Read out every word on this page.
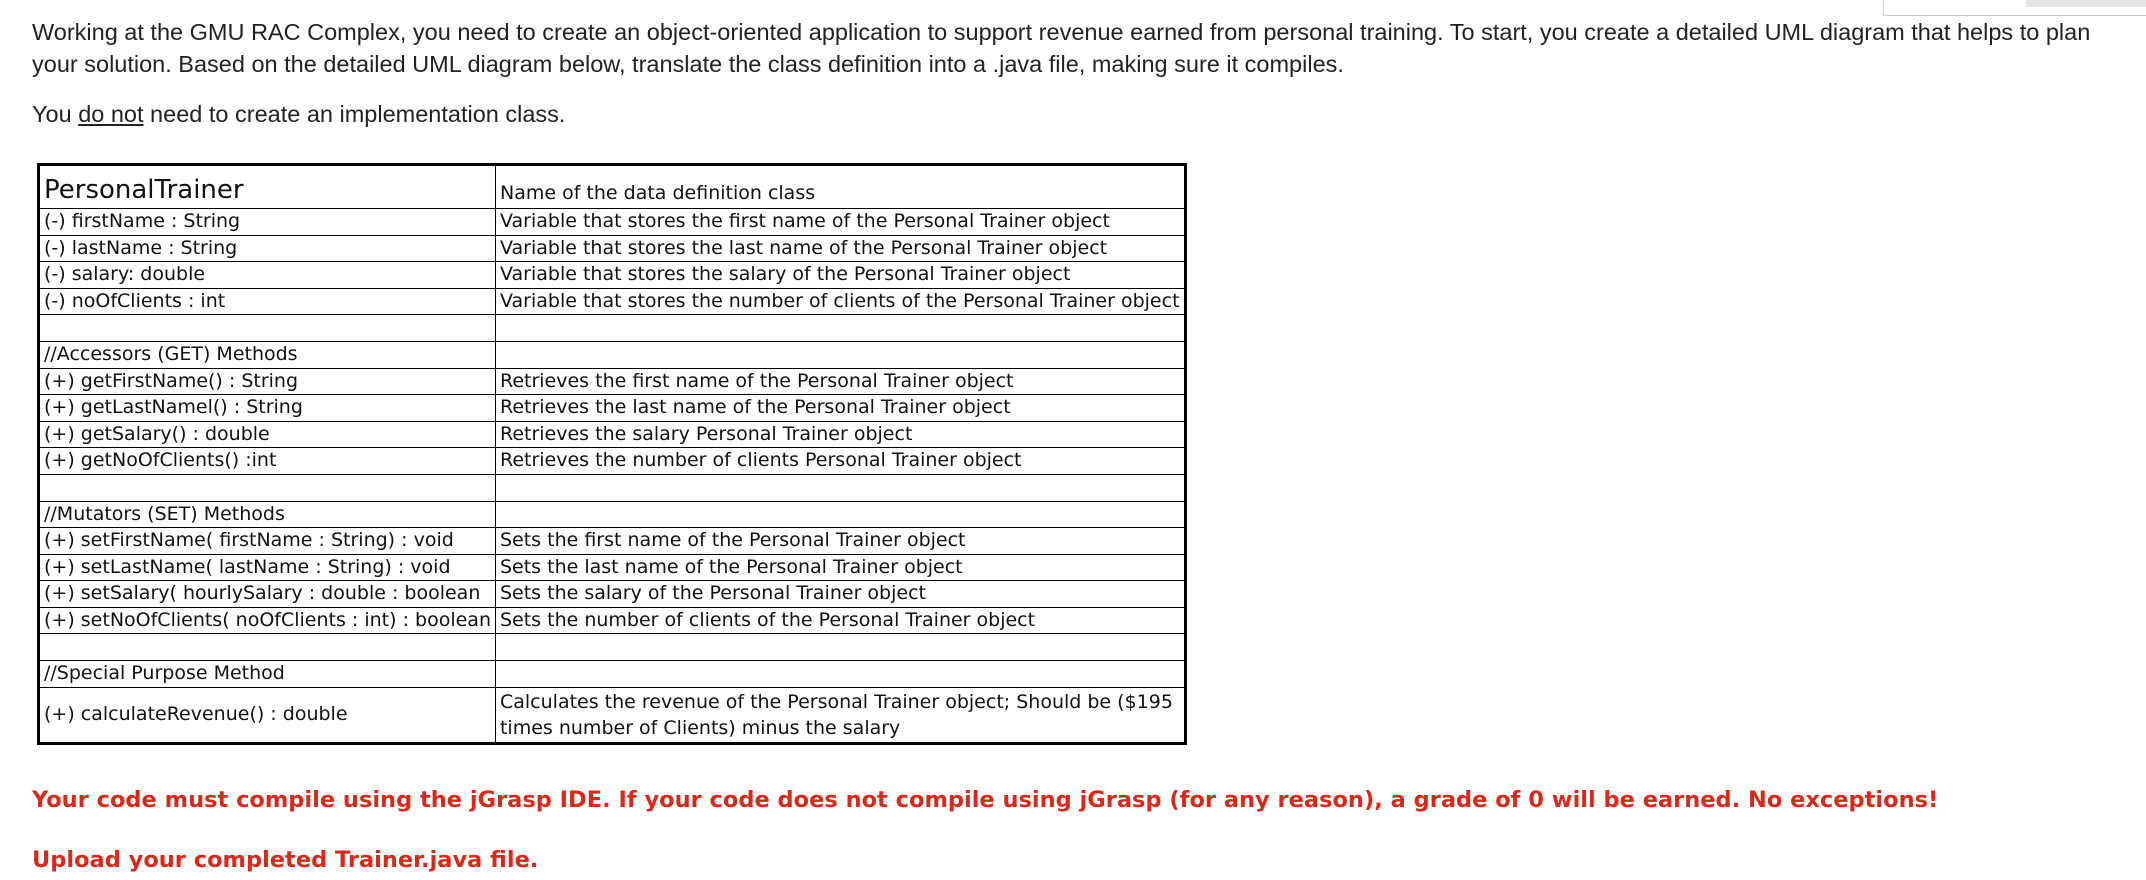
Working at the GMU RAC Complex, you need to create an object-oriented application to support revenue earned from personal training. To start, you create a detailed UML diagram that helps to plan your solution. Based on the detailed UML diagram below, translate the class definition into a .java file, making sure it compiles.

You do not need to create an implementation class.

PersonalTrainer	Name of the data definition class
(-) firstName : String	Variable that stores the first name of the Personal Trainer object
(-) lastName : String	Variable that stores the last name of the Personal Trainer object
(-) salary: double	Variable that stores the salary of the Personal Trainer object
(-) noOfClients : int	Variable that stores the number of clients of the Personal Trainer object

//Accessors (GET) Methods	
(+) getFirstName() : String	Retrieves the first name of the Personal Trainer object
(+) getLastNamel() : String	Retrieves the last name of the Personal Trainer object
(+) getSalary() : double	Retrieves the salary Personal Trainer object
(+) getNoOfClients() :int	Retrieves the number of clients Personal Trainer object

//Mutators (SET) Methods	
(+) setFirstName( firstName : String) : void	Sets the first name of the Personal Trainer object
(+) setLastName( lastName : String) : void	Sets the last name of the Personal Trainer object
(+) setSalary( hourlySalary : double : boolean	Sets the salary of the Personal Trainer object
(+) setNoOfClients( noOfClients : int) : boolean	Sets the number of clients of the Personal Trainer object

//Special Purpose Method	
(+) calculateRevenue() : double	Calculates the revenue of the Personal Trainer object; Should be ($195 times number of Clients) minus the salary

Your code must compile using the jGrasp IDE. If your code does not compile using jGrasp (for any reason), a grade of 0 will be earned. No exceptions!

Upload your completed Trainer.java file.
